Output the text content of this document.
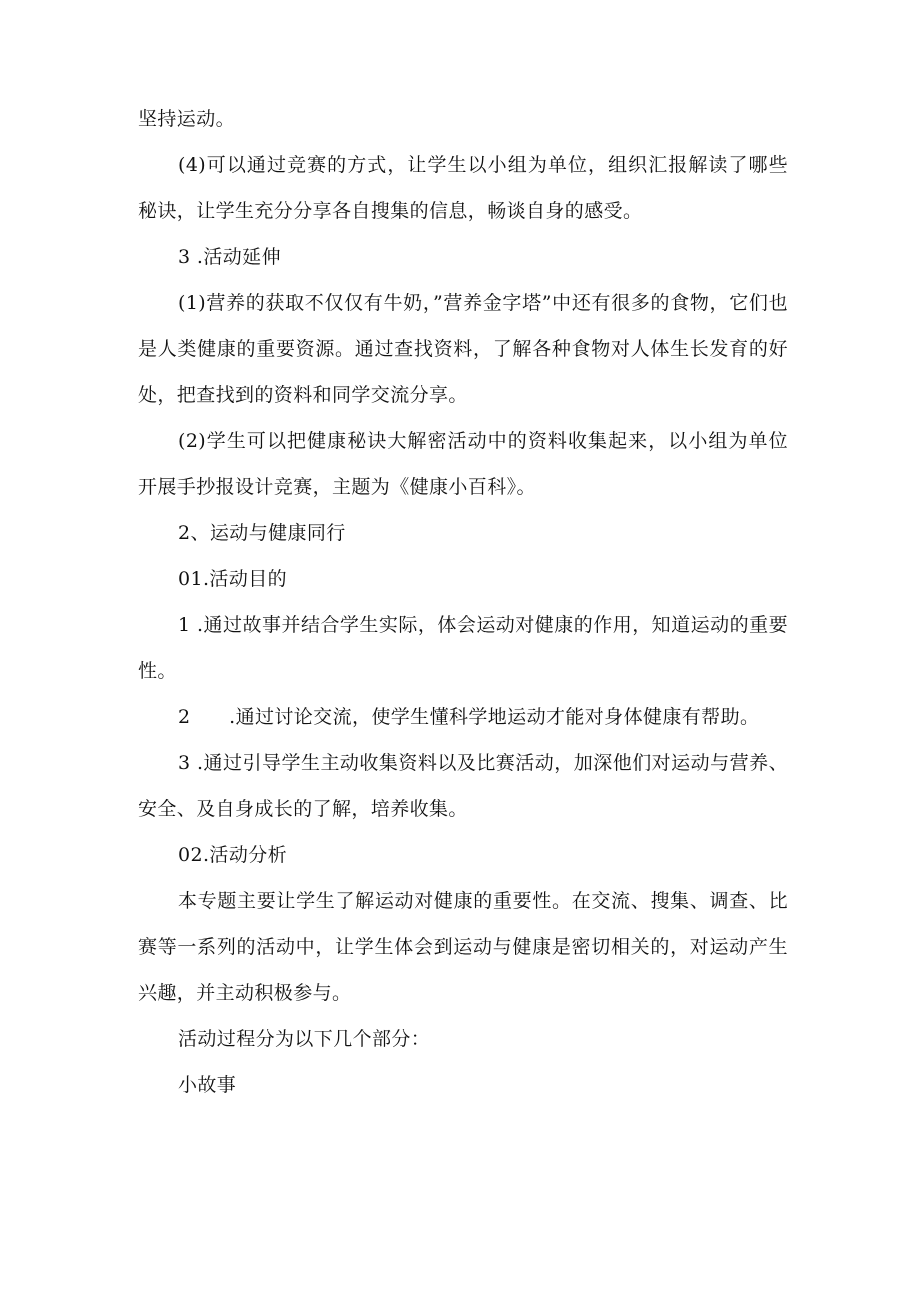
坚持运动。

(4)可以通过竞赛的方式，让学生以小组为单位，组织汇报解读了哪些秘诀，让学生充分分享各自搜集的信息，畅谈自身的感受。

3 .活动延伸

(1)营养的获取不仅仅有牛奶，”营养金字塔”中还有很多的食物，它们也是人类健康的重要资源。通过查找资料，了解各种食物对人体生长发育的好处，把查找到的资料和同学交流分享。

(2)学生可以把健康秘诀大解密活动中的资料收集起来，以小组为单位开展手抄报设计竞赛，主题为《健康小百科》。

2、运动与健康同行

01.活动目的

1 .通过故事并结合学生实际，体会运动对健康的作用，知道运动的重要性。

2      .通过讨论交流，使学生懂科学地运动才能对身体健康有帮助。

3 .通过引导学生主动收集资料以及比赛活动，加深他们对运动与营养、安全、及自身成长的了解，培养收集。

02.活动分析

本专题主要让学生了解运动对健康的重要性。在交流、搜集、调查、比赛等一系列的活动中，让学生体会到运动与健康是密切相关的，对运动产生兴趣，并主动积极参与。

活动过程分为以下几个部分：

小故事
